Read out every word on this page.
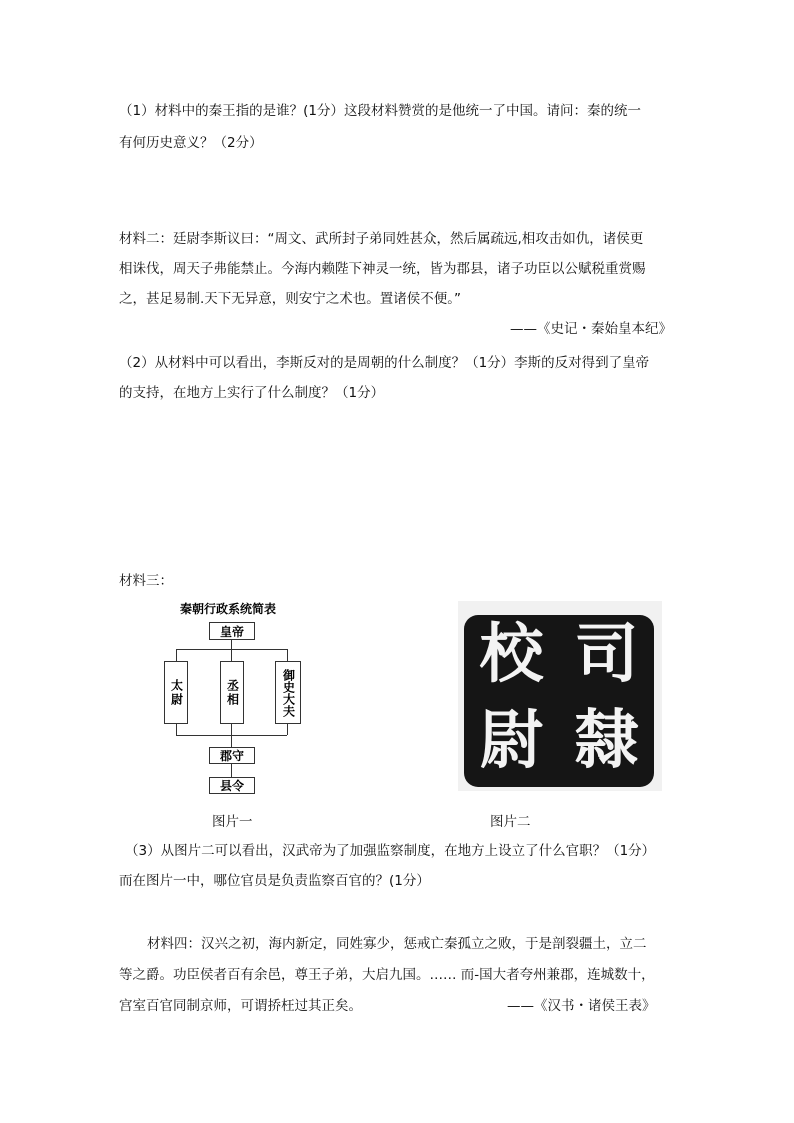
（1）材料中的秦王指的是谁？(1分）这段材料赞赏的是他统一了中国。请问：秦的统一
有何历史意义？（2分）
材料二：廷尉李斯议曰：“周文、武所封子弟同姓甚众，然后属疏远,相攻击如仇，诸侯更
相诛伐，周天子弗能禁止。今海内赖陛下神灵一统，皆为郡县，诸子功臣以公赋税重赏赐
之，甚足易制.天下无异意，则安宁之术也。置诸侯不便。”
——《史记・秦始皇本纪》
（2）从材料中可以看出，李斯反对的是周朝的什么制度？（1分）李斯的反对得到了皇帝
的支持，在地方上实行了什么制度？（1分）
材料三：
秦朝行政系统简表
皇帝
太尉	丞相	御史大夫
郡守
县令
图片一
校 司
尉 隸
图片二
（3）从图片二可以看出，汉武帝为了加强监察制度，在地方上设立了什么官职？（1分）
而在图片一中，哪位官员是负责监察百官的？(1分）
材料四：汉兴之初，海内新定，同姓寡少，惩戒亡秦孤立之败，于是剖裂疆土，立二
等之爵。功臣侯者百有余邑，尊王子弟，大启九国。…… 而-国大者夸州兼郡，连城数十，
宫室百官同制京师，可谓挢枉过其正矣。	——《汉书・诸侯王表》
